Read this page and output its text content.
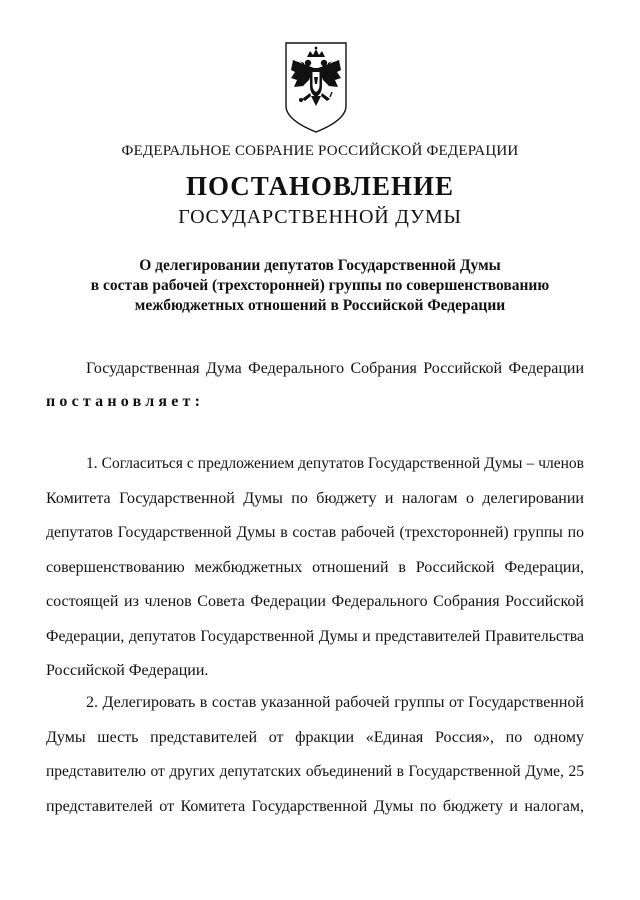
ФЕДЕРАЛЬНОЕ СОБРАНИЕ РОССИЙСКОЙ ФЕДЕРАЦИИ
ПОСТАНОВЛЕНИЕ
ГОСУДАРСТВЕННОЙ ДУМЫ
О делегировании депутатов Государственной Думы
в состав рабочей (трехсторонней) группы по совершенствованию
межбюджетных отношений в Российской Федерации
Государственная Дума Федерального Собрания Российской Федерации
постановляет:
1. Согласиться с предложением депутатов Государственной Думы – членов
Комитета Государственной Думы по бюджету и налогам о делегировании
депутатов Государственной Думы в состав рабочей (трехсторонней) группы по
совершенствованию межбюджетных отношений в Российской Федерации,
состоящей из членов Совета Федерации Федерального Собрания Российской
Федерации, депутатов Государственной Думы и представителей Правительства
Российской Федерации.
2. Делегировать в состав указанной рабочей группы от Государственной
Думы шесть представителей от фракции «Единая Россия», по одному
представителю от других депутатских объединений в Государственной Думе, 25
представителей от Комитета Государственной Думы по бюджету и налогам,
